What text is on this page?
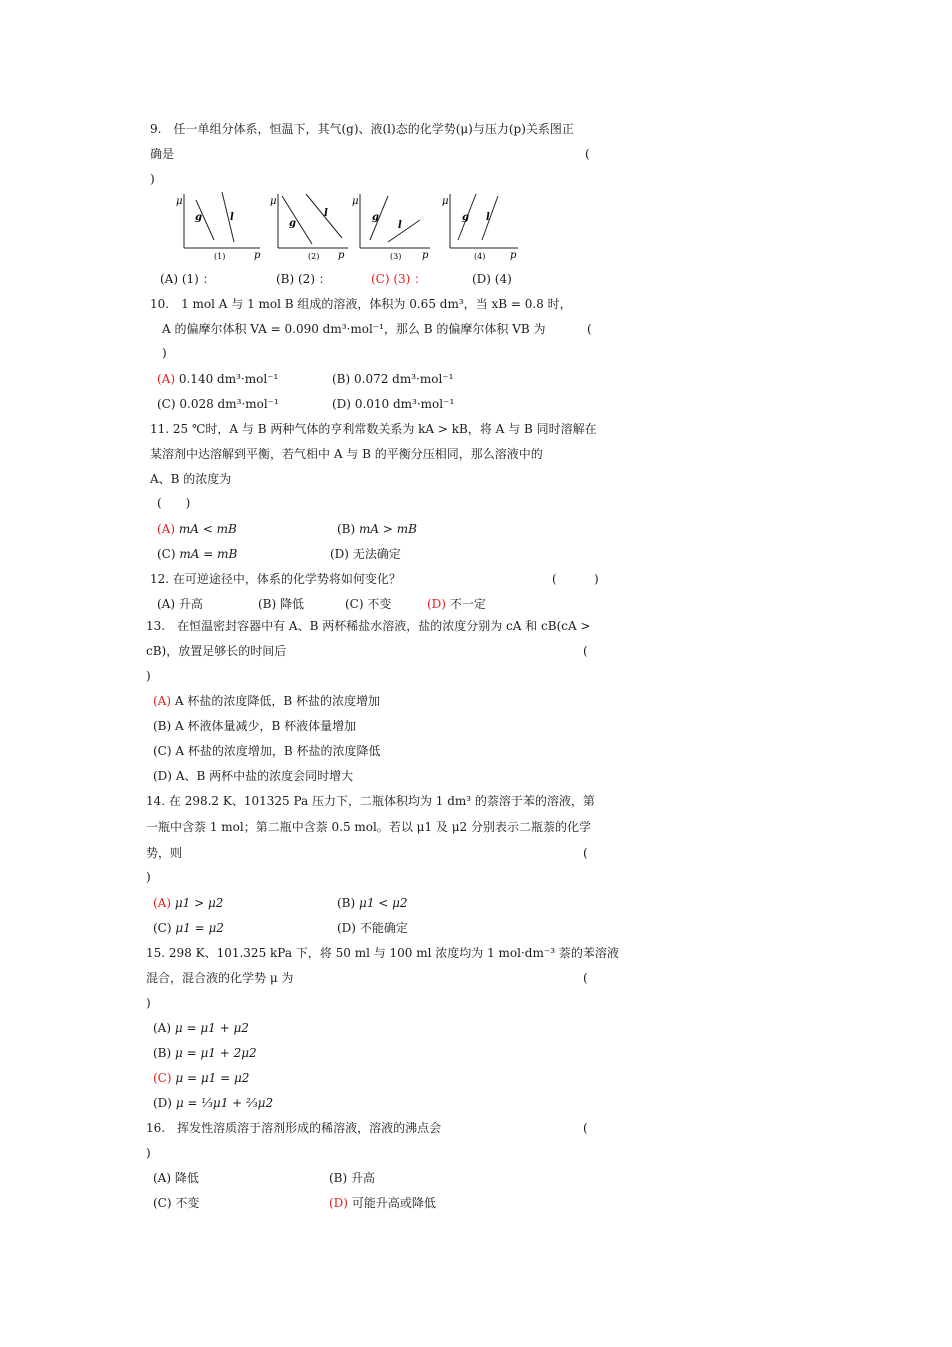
9.　任一单组分体系，恒温下，其气(g)、液(l)态的化学势(μ)与压力(p)关系图正
确是	(
)
μ
p
g	l
(1)
μ
p
g
l
(2)
μ
p
g
l
(3)
μ
p
g l
(4)
(A) (1) ：	(B) (2) ：	(C) (3) ：	(D) (4)
10.　1 mol A 与 1 mol B 组成的溶液，体积为 0.65 dm³，当 xB = 0.8 时，
A 的偏摩尔体积 VA = 0.090 dm³·mol⁻¹，那么 B 的偏摩尔体积 VB 为	(
)
(A) 0.140 dm³·mol⁻¹	(B) 0.072 dm³·mol⁻¹
(C) 0.028 dm³·mol⁻¹	(D) 0.010 dm³·mol⁻¹
11. 25 ℃时，A 与 B 两种气体的亨利常数关系为 kA > kB，将 A 与 B 同时溶解在
某溶剂中达溶解到平衡，若气相中 A 与 B 的平衡分压相同，那么溶液中的
A、B 的浓度为
(　　)
(A) mA < mB	(B) mA > mB
(C) mA = mB	(D) 无法确定
12. 在可逆途径中，体系的化学势将如何变化？	(	)
(A) 升高	(B) 降低	(C) 不变	(D) 不一定
13.　在恒温密封容器中有 A、B 两杯稀盐水溶液，盐的浓度分别为 cA 和 cB(cA >
cB)，放置足够长的时间后	(
)
(A) A 杯盐的浓度降低，B 杯盐的浓度增加
(B) A 杯液体量减少，B 杯液体量增加
(C) A 杯盐的浓度增加，B 杯盐的浓度降低
(D) A、B 两杯中盐的浓度会同时增大
14. 在 298.2 K、101325 Pa 压力下，二瓶体积均为 1 dm³ 的萘溶于苯的溶液，第
一瓶中含萘 1 mol；第二瓶中含萘 0.5 mol。若以 μ1 及 μ2 分别表示二瓶萘的化学
势，则	(
)
(A) μ1 > μ2	(B) μ1 < μ2
(C) μ1 = μ2	(D) 不能确定
15. 298 K、101.325 kPa 下，将 50 ml 与 100 ml 浓度均为 1 mol·dm⁻³ 萘的苯溶液
混合，混合液的化学势 μ 为	(
)
(A) μ = μ1 + μ2
(B) μ = μ1 + 2μ2
(C) μ = μ1 = μ2
(D) μ = ⅓μ1 + ⅔μ2
16.　挥发性溶质溶于溶剂形成的稀溶液，溶液的沸点会	(
)
(A) 降低	(B) 升高
(C) 不变	(D) 可能升高或降低
